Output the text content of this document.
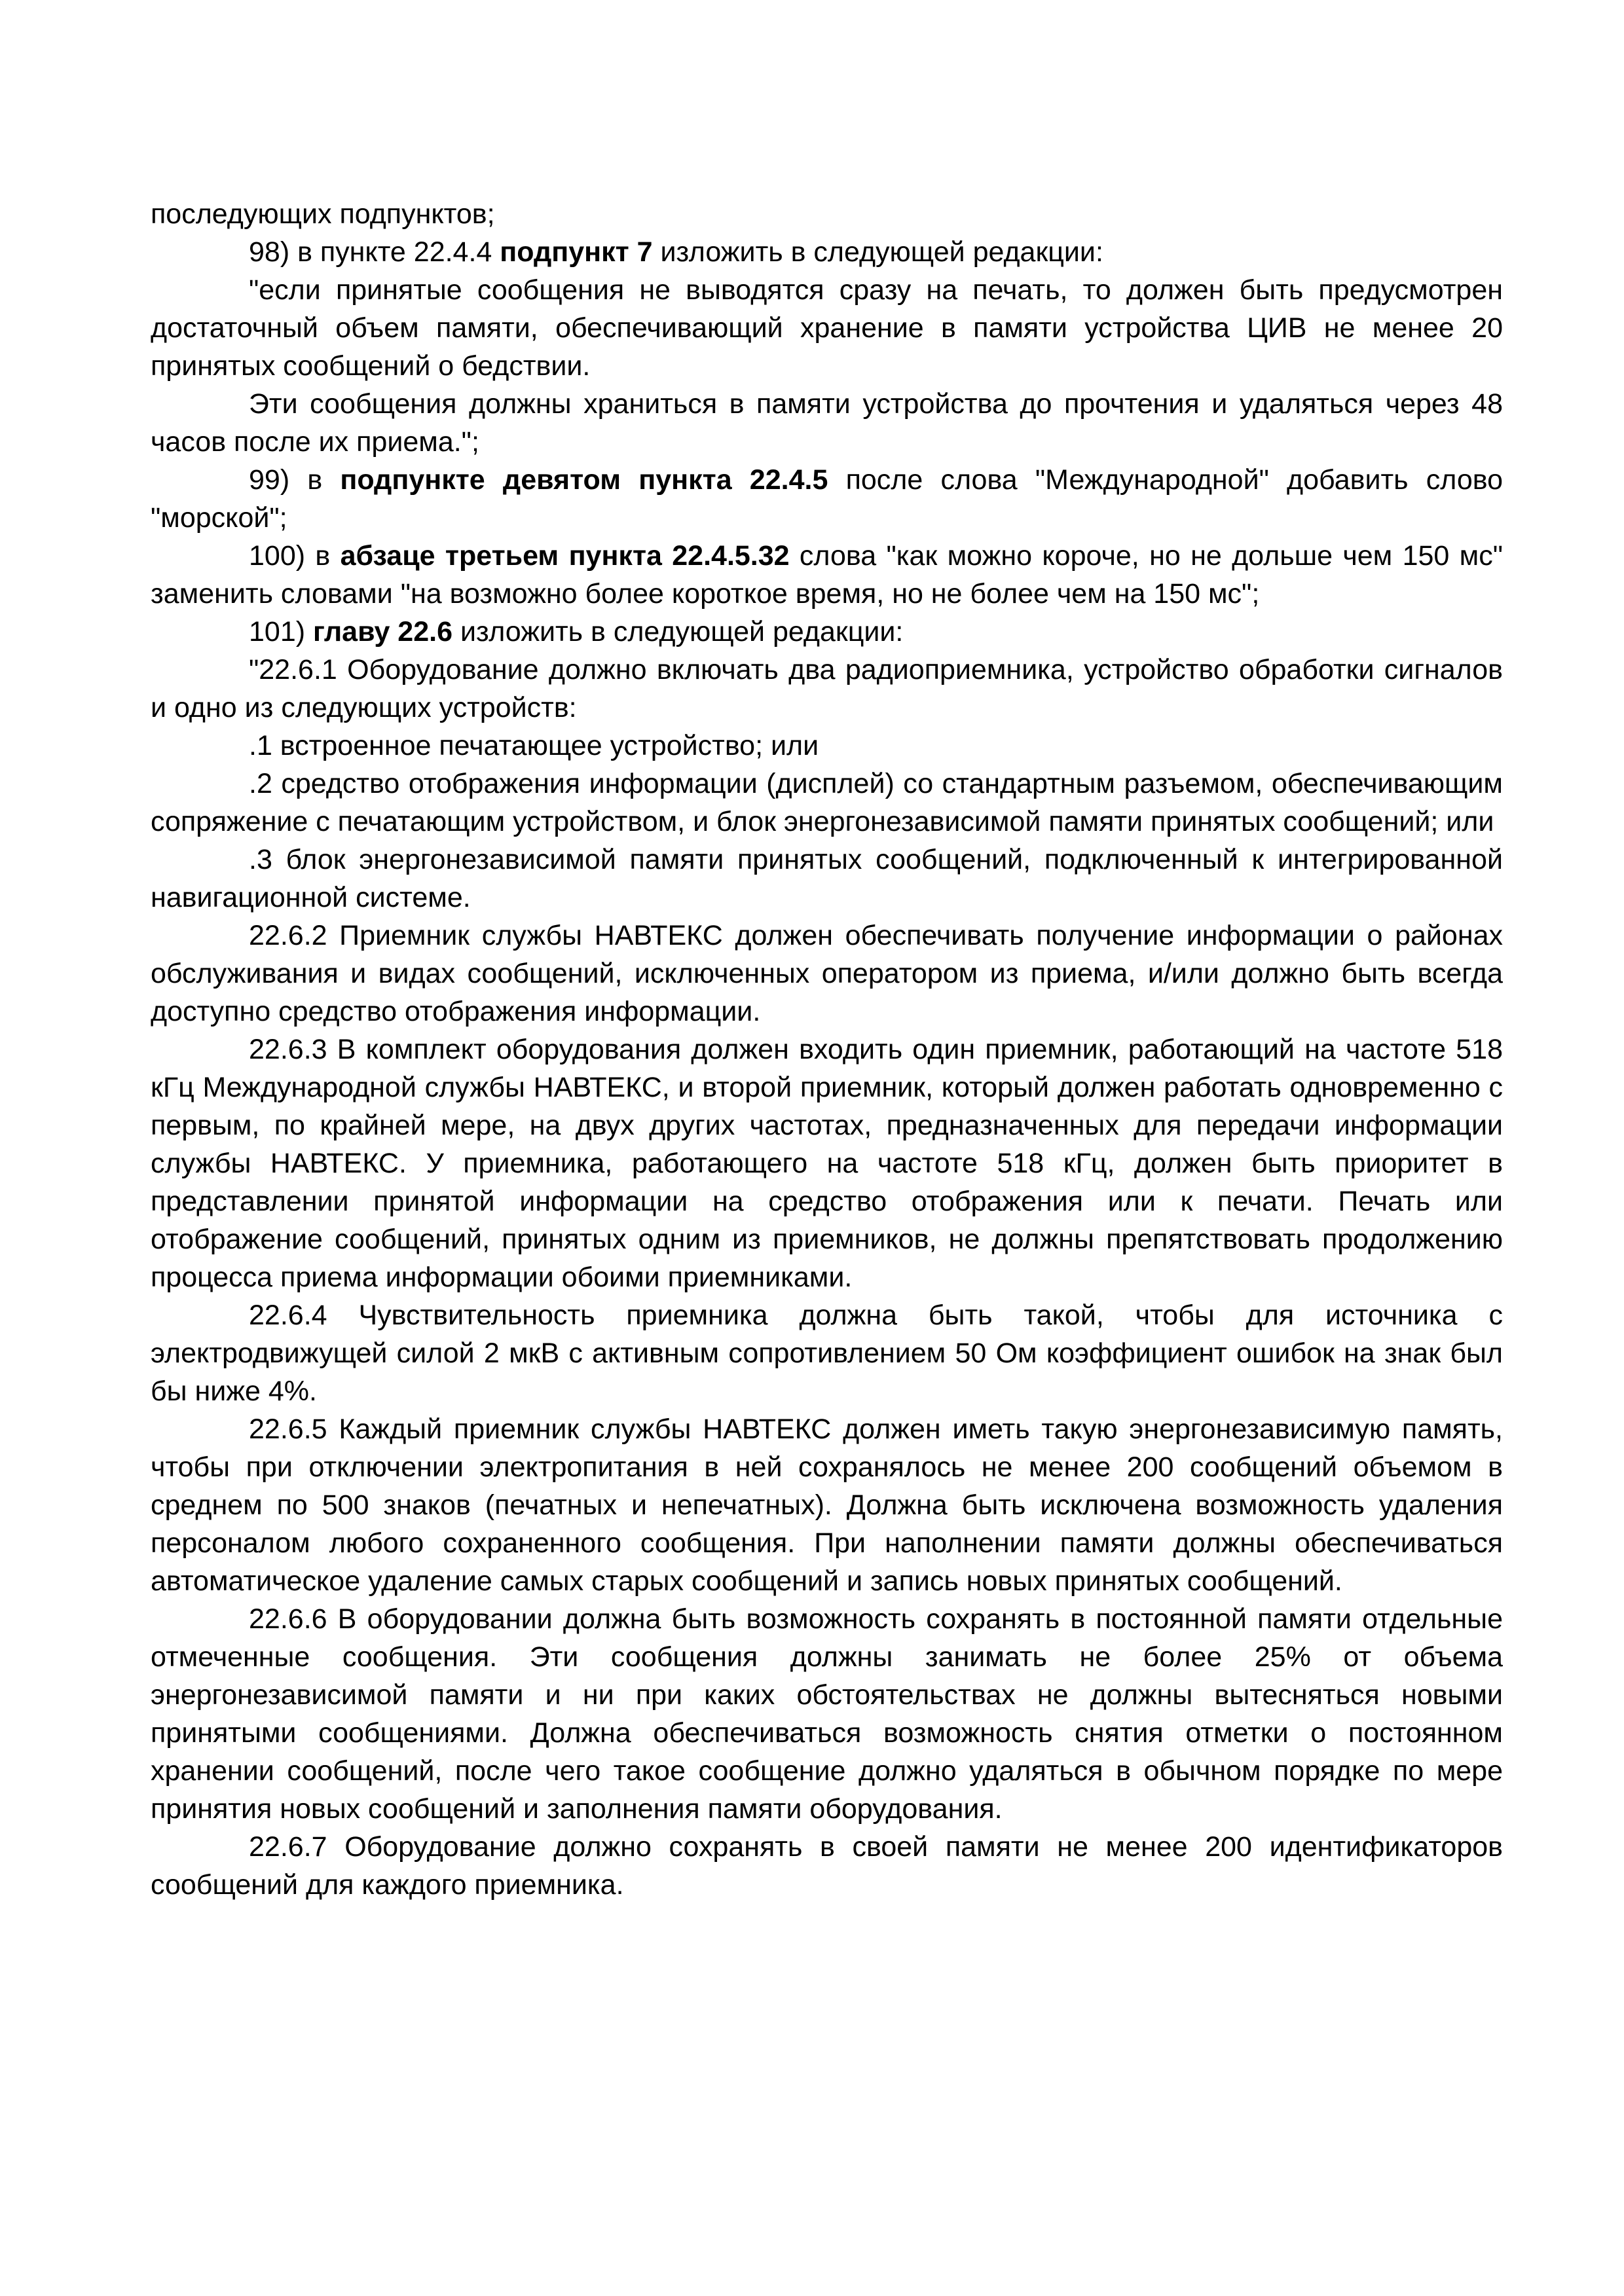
последующих подпунктов;

98) в пункте 22.4.4 подпункт 7 изложить в следующей редакции:

"если принятые сообщения не выводятся сразу на печать, то должен быть предусмотрен достаточный объем памяти, обеспечивающий хранение в памяти устройства ЦИВ не менее 20 принятых сообщений о бедствии.

Эти сообщения должны храниться в памяти устройства до прочтения и удаляться через 48 часов после их приема.";

99) в подпункте девятом пункта 22.4.5 после слова "Международной" добавить слово "морской";

100) в абзаце третьем пункта 22.4.5.32 слова "как можно короче, но не дольше чем 150 мс" заменить словами "на возможно более короткое время, но не более чем на 150 мс";

101) главу 22.6 изложить в следующей редакции:

"22.6.1 Оборудование должно включать два радиоприемника, устройство обработки сигналов и одно из следующих устройств:

.1 встроенное печатающее устройство; или

.2 средство отображения информации (дисплей) со стандартным разъемом, обеспечивающим сопряжение с печатающим устройством, и блок энергонезависимой памяти принятых сообщений; или

.3 блок энергонезависимой памяти принятых сообщений, подключенный к интегрированной навигационной системе.

22.6.2 Приемник службы НАВТЕКС должен обеспечивать получение информации о районах обслуживания и видах сообщений, исключенных оператором из приема, и/или должно быть всегда доступно средство отображения информации.

22.6.3 В комплект оборудования должен входить один приемник, работающий на частоте 518 кГц Международной службы НАВТЕКС, и второй приемник, который должен работать одновременно с первым, по крайней мере, на двух других частотах, предназначенных для передачи информации службы НАВТЕКС. У приемника, работающего на частоте 518 кГц, должен быть приоритет в представлении принятой информации на средство отображения или к печати. Печать или отображение сообщений, принятых одним из приемников, не должны препятствовать продолжению процесса приема информации обоими приемниками.

22.6.4 Чувствительность приемника должна быть такой, чтобы для источника с электродвижущей силой 2 мкВ с активным сопротивлением 50 Ом коэффициент ошибок на знак был бы ниже 4%.

22.6.5 Каждый приемник службы НАВТЕКС должен иметь такую энергонезависимую память, чтобы при отключении электропитания в ней сохранялось не менее 200 сообщений объемом в среднем по 500 знаков (печатных и непечатных). Должна быть исключена возможность удаления персоналом любого сохраненного сообщения. При наполнении памяти должны обеспечиваться автоматическое удаление самых старых сообщений и запись новых принятых сообщений.

22.6.6 В оборудовании должна быть возможность сохранять в постоянной памяти отдельные отмеченные сообщения. Эти сообщения должны занимать не более 25% от объема энергонезависимой памяти и ни при каких обстоятельствах не должны вытесняться новыми принятыми сообщениями. Должна обеспечиваться возможность снятия отметки о постоянном хранении сообщений, после чего такое сообщение должно удаляться в обычном порядке по мере принятия новых сообщений и заполнения памяти оборудования.

22.6.7 Оборудование должно сохранять в своей памяти не менее 200 идентификаторов сообщений для каждого приемника.
